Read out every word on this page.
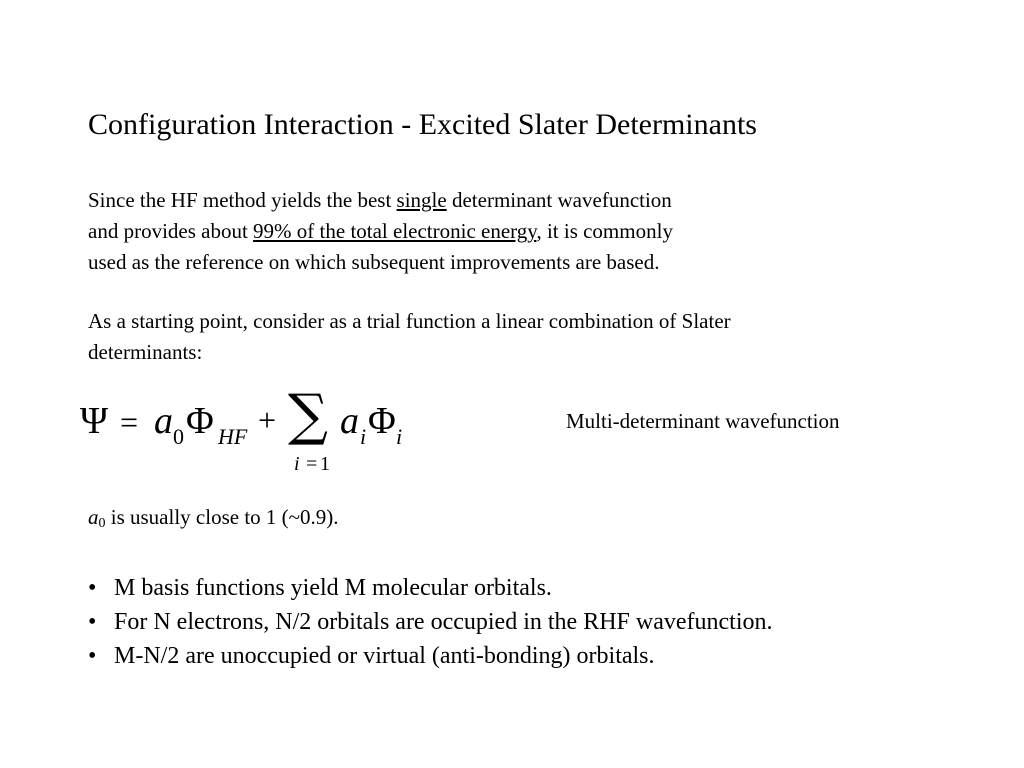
Configuration Interaction - Excited Slater Determinants
Since the HF method yields the best single determinant wavefunction
and provides about 99% of the total electronic energy, it is commonly
used as the reference on which subsequent improvements are based.
As a starting point, consider as a trial function a linear combination of Slater
determinants:
Ψ = a 0 Φ HF + ∑
i = 1
a i Φ i
Multi-determinant wavefunction
$a_0$ is usually close to 1 (~0.9).
• M basis functions yield M molecular orbitals.
• For N electrons, N/2 orbitals are occupied in the RHF wavefunction.
• M-N/2 are unoccupied or virtual (anti-bonding) orbitals.
